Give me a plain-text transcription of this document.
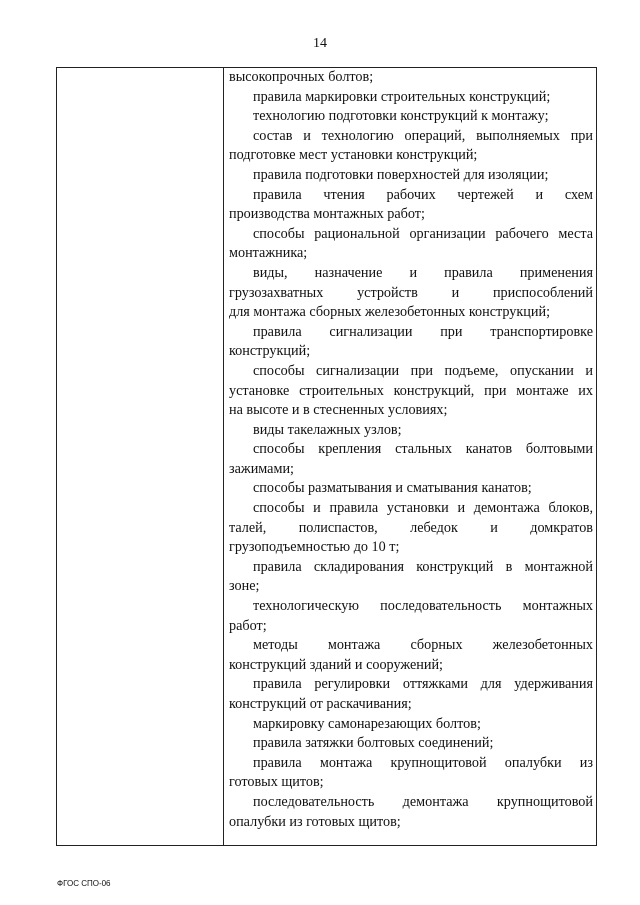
14

высокопрочных болтов;

правила маркировки строительных конструкций;

технологию подготовки конструкций к монтажу;

состав и технологию операций, выполняемых при

подготовке мест установки конструкций;

правила подготовки поверхностей для изоляции;

правила чтения рабочих чертежей и схем

производства монтажных работ;

способы рациональной организации рабочего места

монтажника;

виды, назначение и правила применения

грузозахватных устройств и приспособлений

для монтажа сборных железобетонных конструкций;

правила сигнализации при транспортировке

конструкций;

способы сигнализации при подъеме, опускании и

установке строительных конструкций, при монтаже их

на высоте и в стесненных условиях;

виды такелажных узлов;

способы крепления стальных канатов болтовыми

зажимами;

способы разматывания и сматывания канатов;

способы и правила установки и демонтажа блоков,

талей, полиспастов, лебедок и домкратов

грузоподъемностью до 10 т;

правила складирования конструкций в монтажной

зоне;

технологическую последовательность монтажных

работ;

методы монтажа сборных железобетонных

конструкций зданий и сооружений;

правила регулировки оттяжками для удерживания

конструкций от раскачивания;

маркировку самонарезающих болтов;

правила затяжки болтовых соединений;

правила монтажа крупнощитовой опалубки из

готовых щитов;

последовательность демонтажа крупнощитовой

опалубки из готовых щитов;

ФГОС СПО-06
